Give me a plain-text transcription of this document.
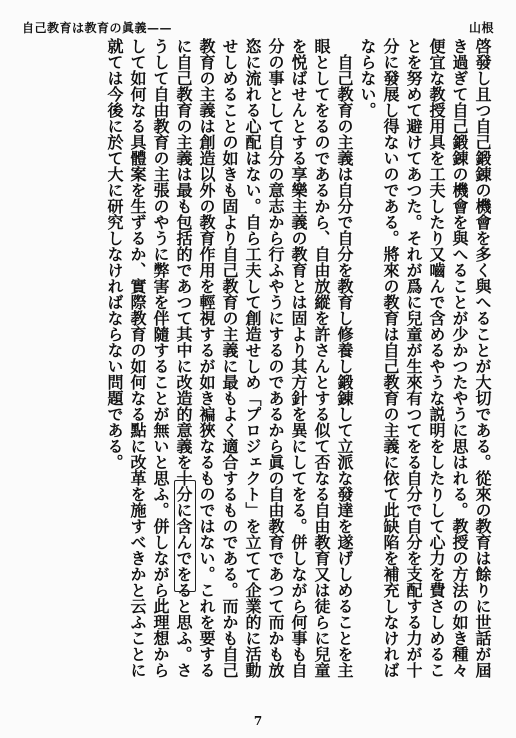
自己教育は教育の眞義——	山根

啓發し且つ自己鍛錬の機會を多く與へることが大切である。從來の教育は餘りに世話が屆き過ぎて自己鍛錬の機會を與へることが少かつたやうに思はれる。教授の方法の如き種々便宜な教授用具を工夫したり又嚙んで含めるやうな説明をしたりして心力を費さしめることを努めて避けてあつた。それが爲に兒童が生來有つてをる自分で自分を支配する力が十分に發展し得ないのである。將來の教育は自己教育の主義に依て此缺陷を補充しなければならない。

自己教育の主義は自分で自分を教育し修養し鍛錬して立派な發達を遂げしめることを主眼としてをるのであるから、自由放縱を許さんとする似て否なる自由教育又は徒らに兒童を悦ばせんとする享樂主義の教育とは固より其方針を異にしてをる。併しながら何事も自分の事として自分の意志から行ふやうにするのであるから眞の自由教育であつて而かも放恣に流れる心配はない。自ら工夫して創造せしめ「プロジェクト」を立てて企業的に活動せしめることの如きも固より自己教育の主義に最もよく適合するものである。而かも自己教育の主義は創造以外の教育作用を輕視するが如き褊狹なるものではない。これを要するに自己教育の主義は最も包括的であつて其中に改造的意義を十分に含んでをると思ふ。さうして自由教育の主張のやうに弊害を伴隨することが無いと思ふ。併しながら此理想からして如何なる具體案を生ずるか、實際教育の如何なる點に改革を施すべきかと云ふことに就ては今後に於て大に研究しなければならない問題である。

7
